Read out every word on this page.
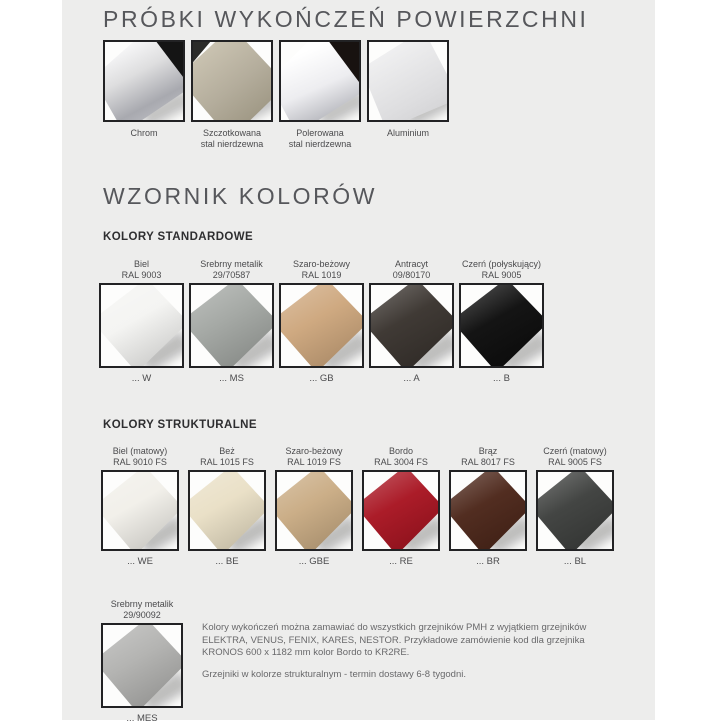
PRÓBKI WYKOŃCZEŃ POWIERZCHNI
Chrom	Szczotkowana
stal nierdzewna
Polerowana
stal nierdzewna
Aluminium
WZORNIK KOLORÓW
KOLORY STANDARDOWE
Biel
RAL 9003
... W
Srebrny metalik
29/70587
... MS
Szaro-beżowy
RAL 1019
... GB
Antracyt
09/80170
... A
Czerń (połyskujący)
RAL 9005
... B
KOLORY STRUKTURALNE
Biel (matowy)
RAL 9010 FS
... WE
Beż
RAL 1015 FS
... BE
Szaro-beżowy
RAL 1019 FS
... GBE
Bordo
RAL 3004 FS
... RE
Brąz
RAL 8017 FS
... BR
Czerń (matowy)
RAL 9005 FS
... BL
Srebrny metalik
29/90092
... MES
Kolory wykończeń można zamawiać do wszystkich grzejników PMH z wyjątkiem grzejników ELEKTRA, VENUS, FENIX, KARES, NESTOR. Przykładowe zamówienie kod dla grzejnika KRONOS 600 x 1182 mm kolor Bordo to KR2RE.
Grzejniki w kolorze strukturalnym - termin dostawy 6-8 tygodni.
